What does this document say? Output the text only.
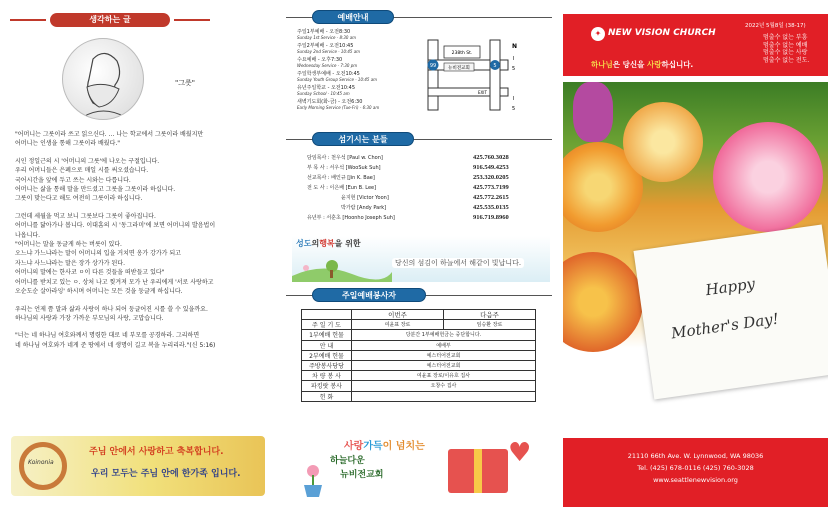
생각하는 글
"그릇"

"어머니는 그릇이라 쓰고 읽으신다. … 나는 학교에서 그릇이라 배웠지만
어머니는 인생을 통해 그릇이라 배웠다."

시인 정일근의 시 '어머니의 그릇'에 나오는 구절입니다.
우리 어머니들은 은폐으로 매일 시를 써오셨습니다.
국어시간을 앞에 두고 쓰는 시와는 다릅니다.
어머니는 삶을 통해 말을 만드셨고 그릇을 그릇이라 하십니다.
그릇이 맞는다고 해도 여전히 그릇이라 하십니다.

그런데 세월을 먹고 보니 그릇보다 그릇이 좋아집니다.
어머니를 닮아가나 봅니다. 이대흠의 시 '동그라미'에 보면 어머니의 발음법이
나옵니다.
"어머니는 말을 동글게 하는 버릇이 있다.
오느냐 가느냐라는 말이 어머니의 입을 거치면 옹가 강가가 되고
자느냐 사느냐라는 말은 장가 상가가 된다.
어머니의 말에는 한사코 ㅇ이 다른 것들을 떠받들고 있다"
어머니를 받치고 있는 ㅇ. 상처 나고 찢겨져 모가 난 우리에게 '서로 사랑하고
오순도순 살아라잉' 하시며 어머니는 모든 것을 둥글게 하십니다.

우리는 언제 쯤 말과 삶과 사랑이 하나 되어 둥글어진 시를 쓸 수 있을까요.
하나님의 사랑과 가장 가까운 부모님의 사랑, 고맙습니다.

"너는 네 하나님 여호와께서 명령한 대로 네 부모를 공경하라. 그리하면
네 하나님 여호와가 네게 준 땅에서 네 생명이 길고 복을 누리리라."(신 5:16)

Koinonia
주님 안에서 사랑하고 축복합니다.
우리 모두는 주님 안에 한가족 입니다.
예배안내
주일1부예배 - 오전8:30
Sunday 1st Service - 8:30 am
주일2부예배 - 오전10:45
Sunday 2nd Service - 10:45 am
수요예배 - 오후7:30
Wednesday Service - 7:30 pm
주일학생부예배 - 오전10:45
Sunday Youth Group Service - 10:45 am
유년주일학교 - 오전10:45
Sunday School - 10:45 am
새벽기도회(화-금) - 오전6:30
Early Morning Service (Tue-Fri) - 6:30 am
238th St.
뉴비전교회
99	5
EXIT
N
I
5
I
5
섬기시는 분들
담임목사 : 천우석 [Paul w. Chon]	425.760.3028
부 목 사 : 서우석 [WooSuk Suh]	916.549.4253
선교목사 : 배인규 [Jin K. Bae]	253.320.0205
전 도 사 : 이은배 [Eun B. Lee]	425.773.7199
윤지현 [Victor Yoon]	425.772.2615
박가람 [Andy Park]	425.535.0135
유년부 : 서훈초 [Hoonho Joseph Suh]	916.719.8960
성도의행복을 위한
당신의 섬김이 하늘에서 해같이 빛납니다.
주일예배봉사자
	이번주	다음주
주 일 기 도	여윤표 장로	임승환 장로
1부예배 헌물	당분간 1부예배헌금는 중단합니다.	
안 내	예배부	
2부예배 헌물	예스터어전교회	
주방봉사당당	예스터어전교회	
차 량 봉 사	여윤표 장로/이유호 집사	
파킹랏 봉사	오창수 집사	
헌 화		
사랑가득이 넘치는
하늘다운
뉴비전교회
♥
✦ NEW VISION CHURCH
하나님은 당신을 사랑하십니다.
2022년 5월8일 (38-17)
멈출수 없는 부흥
멈출수 없는 예배
멈출수 없는 사랑
멈출수 없는 전도.
Happy
Mother's Day!
21110 66th Ave. W. Lynnwood, WA 98036
Tel. (425) 678-0116 (425) 760-3028
www.seattlenewvision.org
